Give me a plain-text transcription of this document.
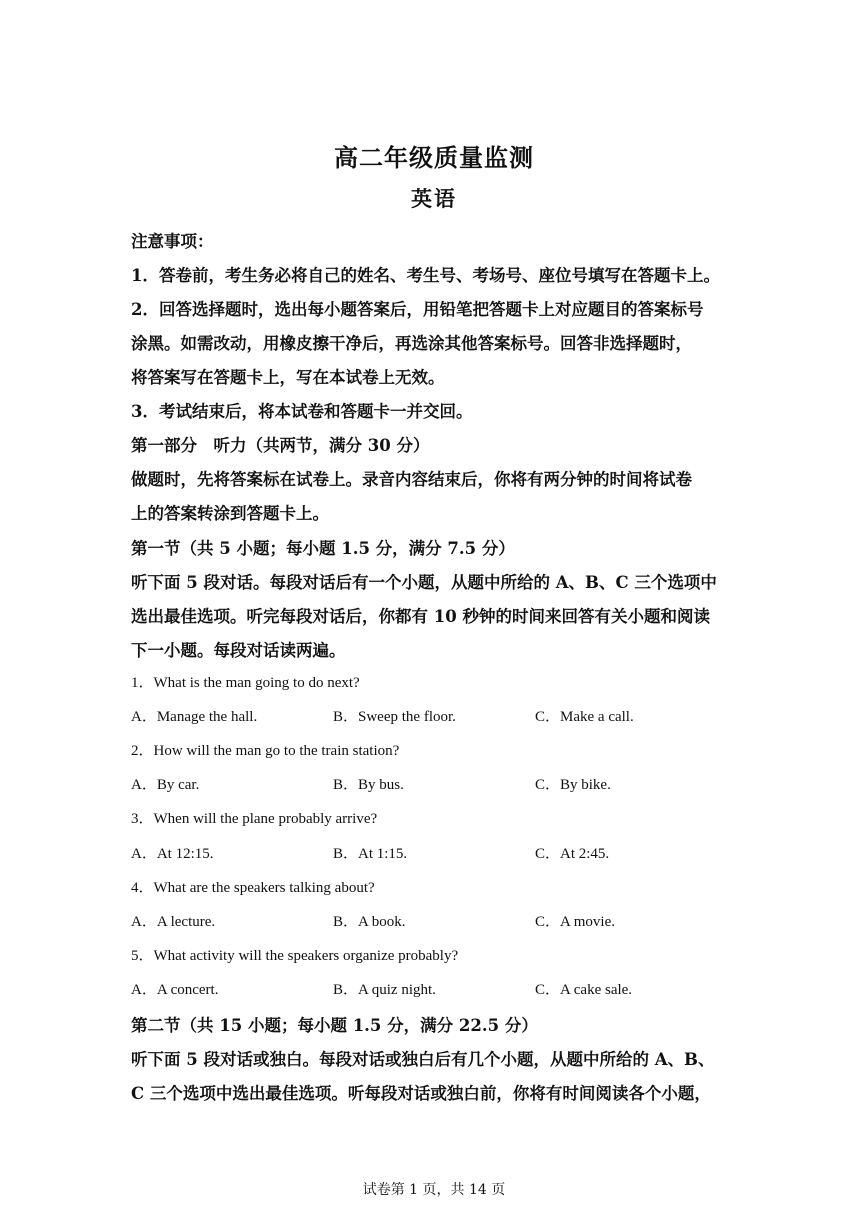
高二年级质量监测
英语
注意事项：
1．答卷前，考生务必将自己的姓名、考生号、考场号、座位号填写在答题卡上。
2．回答选择题时，选出每小题答案后，用铅笔把答题卡上对应题目的答案标号
涂黑。如需改动，用橡皮擦干净后，再选涂其他答案标号。回答非选择题时，
将答案写在答题卡上，写在本试卷上无效。
3．考试结束后，将本试卷和答题卡一并交回。
第一部分　听力（共两节，满分 30 分）
做题时，先将答案标在试卷上。录音内容结束后，你将有两分钟的时间将试卷
上的答案转涂到答题卡上。
第一节（共 5 小题；每小题 1.5 分，满分 7.5 分）
听下面 5 段对话。每段对话后有一个小题，从题中所给的 A、B、C 三个选项中
选出最佳选项。听完每段对话后，你都有 10 秒钟的时间来回答有关小题和阅读
下一小题。每段对话读两遍。
1．What is the man going to do next?
A．Manage the hall.	B．Sweep the floor.	C．Make a call.
2．How will the man go to the train station?
A．By car.	B．By bus.	C．By bike.
3．When will the plane probably arrive?
A．At 12:15.	B．At 1:15.	C．At 2:45.
4．What are the speakers talking about?
A．A lecture.	B．A book.	C．A movie.
5．What activity will the speakers organize probably?
A．A concert.	B．A quiz night.	C．A cake sale.
第二节（共 15 小题；每小题 1.5 分，满分 22.5 分）
听下面 5 段对话或独白。每段对话或独白后有几个小题，从题中所给的 A、B、
C 三个选项中选出最佳选项。听每段对话或独白前，你将有时间阅读各个小题，
试卷第 1 页，共 14 页
